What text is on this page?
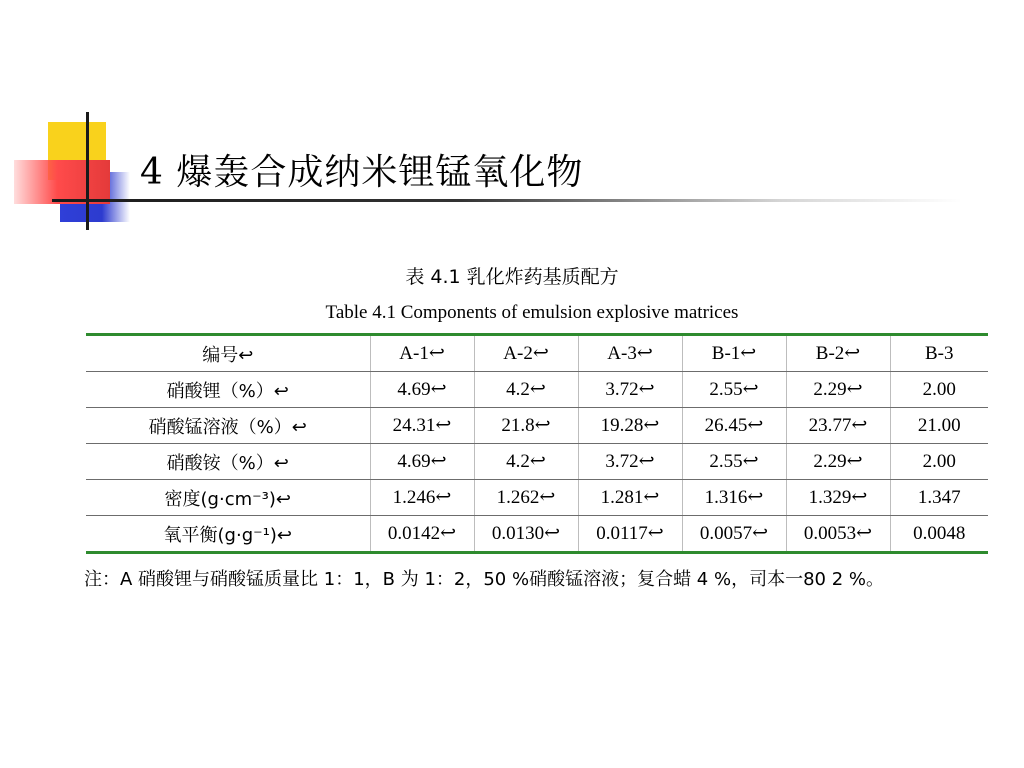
4 爆轰合成纳米锂锰氧化物
表 4.1 乳化炸药基质配方
Table 4.1 Components of emulsion explosive matrices
编号↩	A-1↩	A-2↩	A-3↩	B-1↩	B-2↩	B-3
硝酸锂（%）↩	4.69↩	4.2↩	3.72↩	2.55↩	2.29↩	2.00
硝酸锰溶液（%）↩	24.31↩	21.8↩	19.28↩	26.45↩	23.77↩	21.00
硝酸铵（%）↩	4.69↩	4.2↩	3.72↩	2.55↩	2.29↩	2.00
密度(g·cm⁻³)↩	1.246↩	1.262↩	1.281↩	1.316↩	1.329↩	1.347
氧平衡(g·g⁻¹)↩	0.0142↩	0.0130↩	0.0117↩	0.0057↩	0.0053↩	0.0048
注：A 硝酸锂与硝酸锰质量比 1：1，B 为 1：2，50 %硝酸锰溶液；复合蜡 4 %，司本一80 2 %。
